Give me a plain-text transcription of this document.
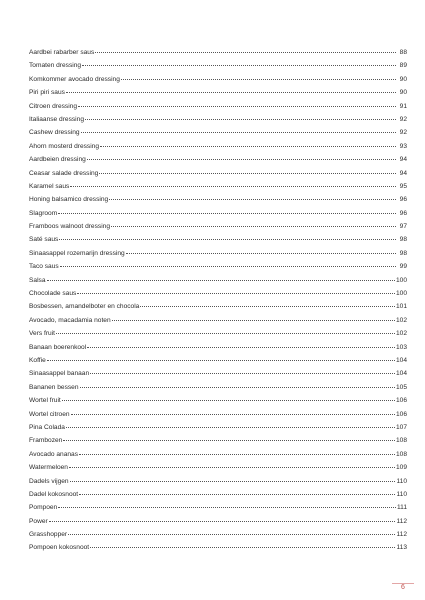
Aardbei rabarber saus	88
Tomaten dressing	89
Komkommer avocado dressing	90
Piri piri saus	90
Citroen dressing	91
Italiaanse dressing	92
Cashew dressing	92
Ahorn mosterd dressing	93
Aardbeien dressing	94
Ceasar salade dressing	94
Karamel saus	95
Honing balsamico dressing	96
Slagroom	96
Framboos walnoot dressing	97
Saté saus	98
Sinaasappel rozemarijn dressing	98
Taco saus	99
Salsa	100
Chocolade saus	100
Bosbessen, amandelboter en chocola	101
Avocado, macadamia noten	102
Vers fruit	102
Banaan boerenkool	103
Koffie	104
Sinaasappel banaan	104
Bananen bessen	105
Wortel fruit	106
Wortel citroen	106
Pina Colada	107
Frambozen	108
Avocado ananas	108
Watermeloen	109
Dadels vijgen	110
Dadel kokosnoot	110
Pompoen	111
Power	112
Grasshopper	112
Pompoen kokosnoot	113
6
